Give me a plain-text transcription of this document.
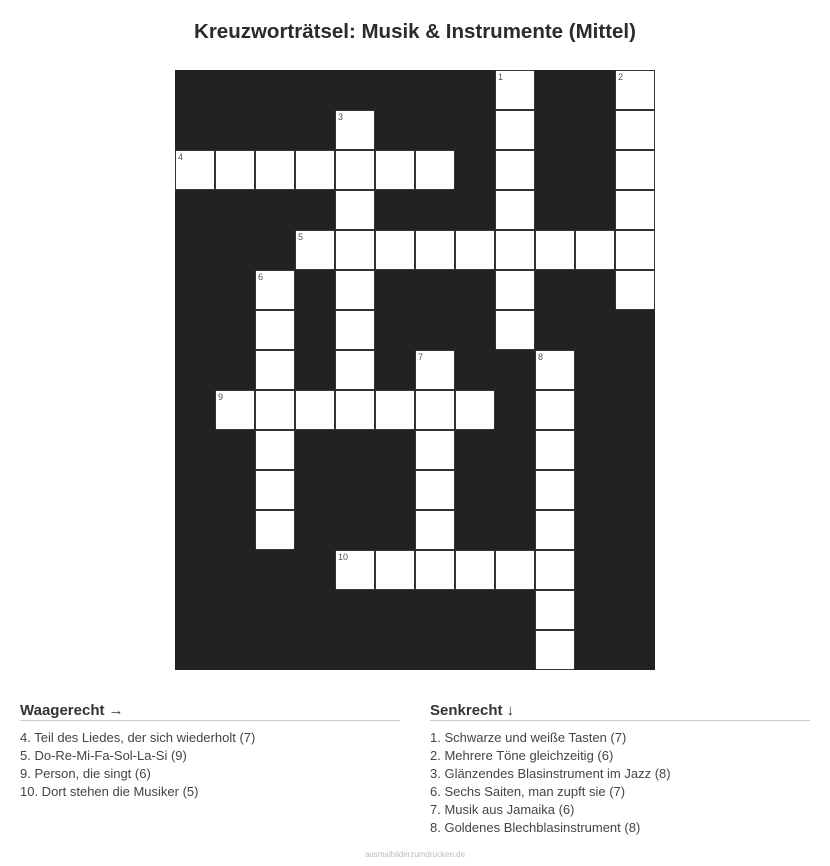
Kreuzworträtsel: Musik & Instrumente (Mittel)
1	2
3
4
5
6
7	8
9
10
Waagerecht →
4. Teil des Liedes, der sich wiederholt (7)
5. Do-Re-Mi-Fa-Sol-La-Si (9)
9. Person, die singt (6)
10. Dort stehen die Musiker (5)
Senkrecht ↓
1. Schwarze und weiße Tasten (7)
2. Mehrere Töne gleichzeitig (6)
3. Glänzendes Blasinstrument im Jazz (8)
6. Sechs Saiten, man zupft sie (7)
7. Musik aus Jamaika (6)
8. Goldenes Blechblasinstrument (8)
ausmalbilderzumdrucken.de
